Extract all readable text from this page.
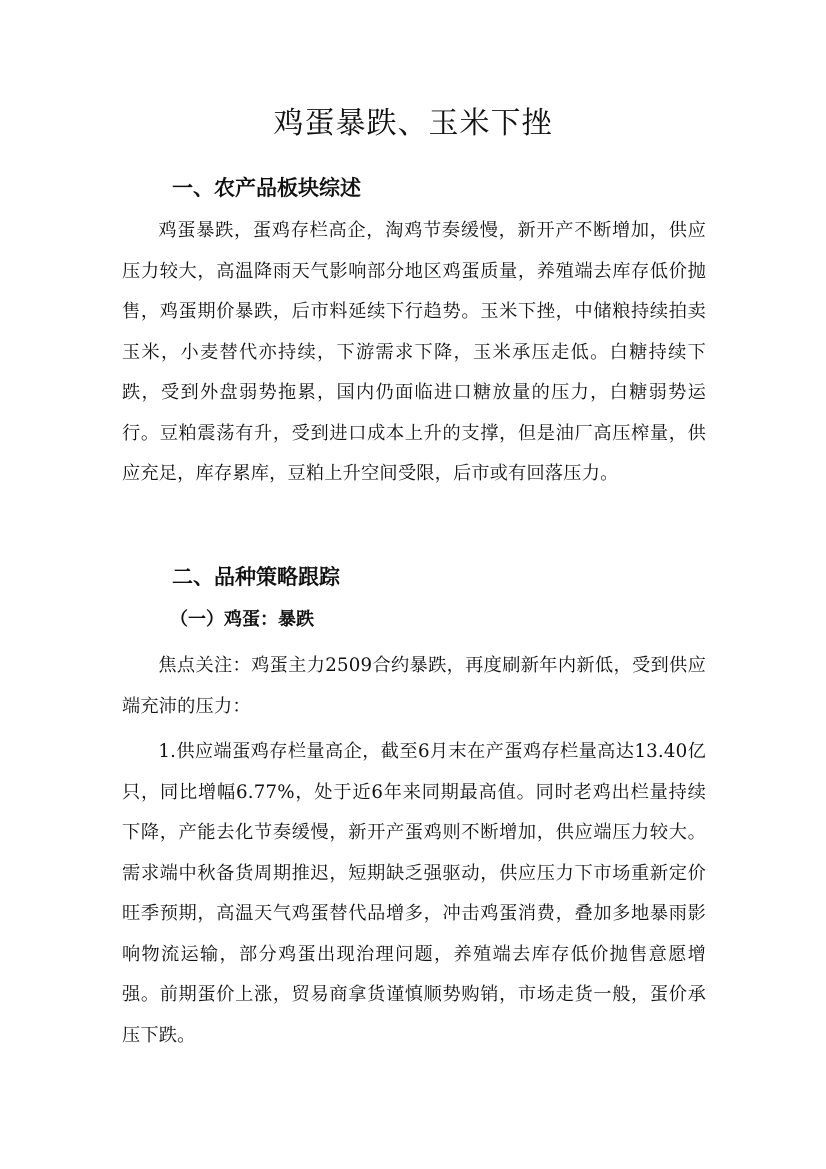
鸡蛋暴跌、玉米下挫
一、农产品板块综述

鸡蛋暴跌，蛋鸡存栏高企，淘鸡节奏缓慢，新开产不断增加，供应压力较大，高温降雨天气影响部分地区鸡蛋质量，养殖端去库存低价抛售，鸡蛋期价暴跌，后市料延续下行趋势。玉米下挫，中储粮持续拍卖玉米，小麦替代亦持续，下游需求下降，玉米承压走低。白糖持续下跌，受到外盘弱势拖累，国内仍面临进口糖放量的压力，白糖弱势运行。豆粕震荡有升，受到进口成本上升的支撑，但是油厂高压榨量，供应充足，库存累库，豆粕上升空间受限，后市或有回落压力。

二、品种策略跟踪
（一）鸡蛋：暴跌

焦点关注：鸡蛋主力2509合约暴跌，再度刷新年内新低，受到供应端充沛的压力：

1.供应端蛋鸡存栏量高企，截至6月末在产蛋鸡存栏量高达13.40亿只，同比增幅6.77%，处于近6年来同期最高值。同时老鸡出栏量持续下降，产能去化节奏缓慢，新开产蛋鸡则不断增加，供应端压力较大。需求端中秋备货周期推迟，短期缺乏强驱动，供应压力下市场重新定价旺季预期，高温天气鸡蛋替代品增多，冲击鸡蛋消费，叠加多地暴雨影响物流运输，部分鸡蛋出现治理问题，养殖端去库存低价抛售意愿增强。前期蛋价上涨，贸易商拿货谨慎顺势购销，市场走货一般，蛋价承压下跌。
